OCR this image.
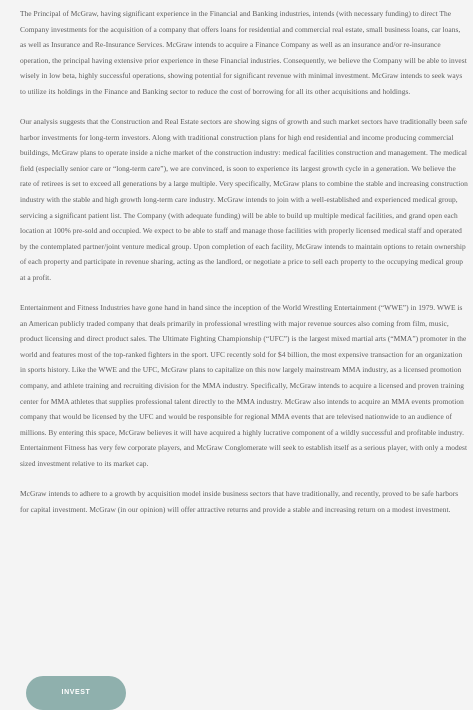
The Principal of McGraw, having significant experience in the Financial and Banking industries, intends (with necessary funding) to direct The Company investments for the acquisition of a company that offers loans for residential and commercial real estate, small business loans, car loans, as well as Insurance and Re-Insurance Services. McGraw intends to acquire a Finance Company as well as an insurance and/or re-insurance operation, the principal having extensive prior experience in these Financial industries. Consequently, we believe the Company will be able to invest wisely in low beta, highly successful operations, showing potential for significant revenue with minimal investment. McGraw intends to seek ways to utilize its holdings in the Finance and Banking sector to reduce the cost of borrowing for all its other acquisitions and holdings.

Our analysis suggests that the Construction and Real Estate sectors are showing signs of growth and such market sectors have traditionally been safe harbor investments for long-term investors. Along with traditional construction plans for high end residential and income producing commercial buildings, McGraw plans to operate inside a niche market of the construction industry: medical facilities construction and management. The medical field (especially senior care or “long-term care”), we are convinced, is soon to experience its largest growth cycle in a generation. We believe the rate of retirees is set to exceed all generations by a large multiple. Very specifically, McGraw plans to combine the stable and increasing construction industry with the stable and high growth long-term care industry. McGraw intends to join with a well-established and experienced medical group, servicing a significant patient list. The Company (with adequate funding) will be able to build up multiple medical facilities, and grand open each location at 100% pre-sold and occupied. We expect to be able to staff and manage those facilities with properly licensed medical staff and operated by the contemplated partner/joint venture medical group. Upon completion of each facility, McGraw intends to maintain options to retain ownership of each property and participate in revenue sharing, acting as the landlord, or negotiate a price to sell each property to the occupying medical group at a profit.

Entertainment and Fitness Industries have gone hand in hand since the inception of the World Wrestling Entertainment (“WWE”) in 1979. WWE is an American publicly traded company that deals primarily in professional wrestling with major revenue sources also coming from film, music, product licensing and direct product sales. The Ultimate Fighting Championship (“UFC”) is the largest mixed martial arts (“MMA”) promoter in the world and features most of the top-ranked fighters in the sport. UFC recently sold for $4 billion, the most expensive transaction for an organization in sports history. Like the WWE and the UFC, McGraw plans to capitalize on this now largely mainstream MMA industry, as a licensed promotion company, and athlete training and recruiting division for the MMA industry. Specifically, McGraw intends to acquire a licensed and proven training center for MMA athletes that supplies professional talent directly to the MMA industry. McGraw also intends to acquire an MMA events promotion company that would be licensed by the UFC and would be responsible for regional MMA events that are televised nationwide to an audience of millions. By entering this space, McGraw believes it will have acquired a highly lucrative component of a wildly successful and profitable industry. Entertainment Fitness has very few corporate players, and McGraw Conglomerate will seek to establish itself as a serious player, with only a modest sized investment relative to its market cap.

McGraw intends to adhere to a growth by acquisition model inside business sectors that have traditionally, and recently, proved to be safe harbors for capital investment. McGraw (in our opinion) will offer attractive returns and provide a stable and increasing return on a modest investment.

INVEST
